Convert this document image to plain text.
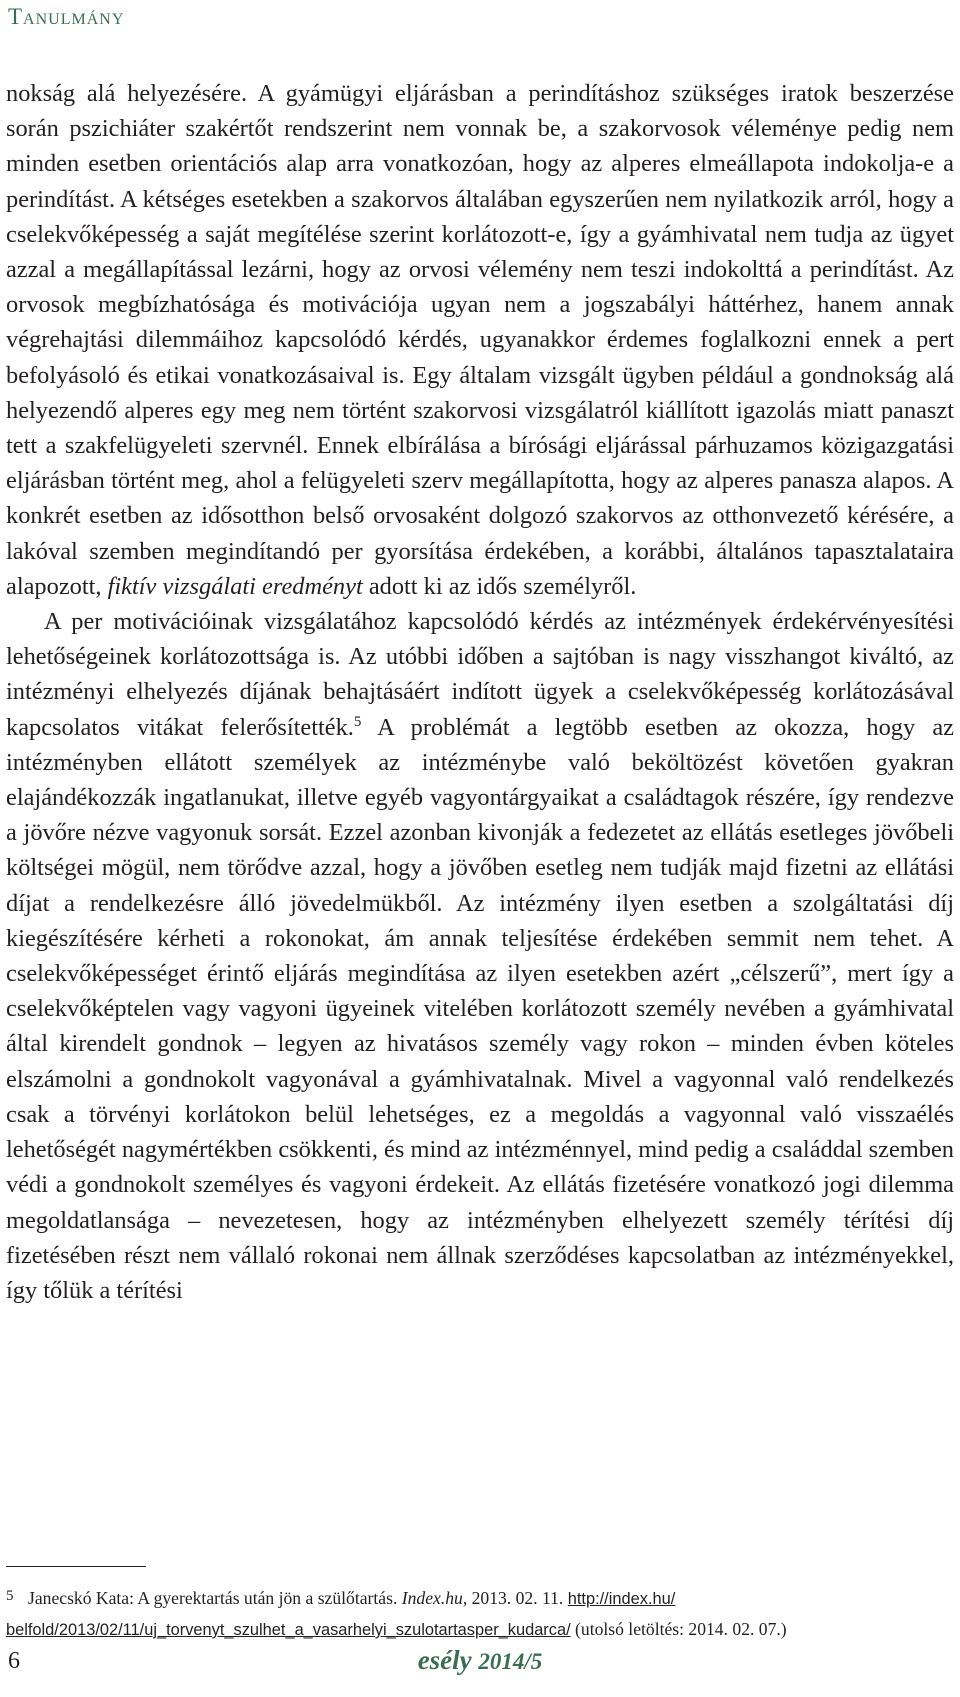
Tanulmány

nokság alá helyezésére. A gyámügyi eljárásban a perindításhoz szükséges iratok beszerzése során pszichiáter szakértőt rendszerint nem vonnak be, a szakorvosok véleménye pedig nem minden esetben orientációs alap arra vonatkozóan, hogy az alperes elmeállapota indokolja-e a perindítást. A kétséges esetekben a szakorvos általában egyszerűen nem nyilatkozik arról, hogy a cselekvőképesség a saját megítélése szerint korlátozott-e, így a gyámhivatal nem tudja az ügyet azzal a megállapítással lezárni, hogy az orvosi vélemény nem teszi indokolttá a perindítást. Az orvosok megbízhatósága és motivációja ugyan nem a jogszabályi háttérhez, hanem annak végrehajtási dilemmáihoz kapcsolódó kérdés, ugyanakkor érdemes foglalkozni ennek a pert befolyásoló és etikai vonatkozásaival is. Egy általam vizsgált ügyben például a gondnokság alá helyezendő alperes egy meg nem történt szakorvosi vizsgálatról kiállított igazolás miatt panaszt tett a szakfelügyeleti szervnél. Ennek elbírálása a bírósági eljárással párhuzamos közigazgatási eljárásban történt meg, ahol a felügyeleti szerv megállapította, hogy az alperes panasza alapos. A konkrét esetben az idősotthon belső orvosaként dolgozó szakorvos az otthonvezető kérésére, a lakóval szemben megindítandó per gyorsítása érdekében, a korábbi, általános tapasztalataira alapozott, fiktív vizsgálati eredményt adott ki az idős személyről.

A per motivációinak vizsgálatához kapcsolódó kérdés az intézmények érdekérvényesítési lehetőségeinek korlátozottsága is. Az utóbbi időben a sajtóban is nagy visszhangot kiváltó, az intézményi elhelyezés díjának behajtásáért indított ügyek a cselekvőképesség korlátozásával kapcsolatos vitákat felerősítették.$^5$ A problémát a legtöbb esetben az okozza, hogy az intézményben ellátott személyek az intézménybe való beköltözést követően gyakran elajándékozzák ingatlanukat, illetve egyéb vagyontárgyaikat a családtagok részére, így rendezve a jövőre nézve vagyonuk sorsát. Ezzel azonban kivonják a fedezetet az ellátás esetleges jövőbeli költségei mögül, nem törődve azzal, hogy a jövőben esetleg nem tudják majd fizetni az ellátási díjat a rendelkezésre álló jövedelmükből. Az intézmény ilyen esetben a szolgáltatási díj kiegészítésére kérheti a rokonokat, ám annak teljesítése érdekében semmit nem tehet. A cselekvőképességet érintő eljárás megindítása az ilyen esetekben azért „célszerű”, mert így a cselekvőképtelen vagy vagyoni ügyeinek vitelében korlátozott személy nevében a gyámhivatal által kirendelt gondnok – legyen az hivatásos személy vagy rokon – minden évben köteles elszámolni a gondnokolt vagyonával a gyámhivatalnak. Mivel a vagyonnal való rendelkezés csak a törvényi korlátokon belül lehetséges, ez a megoldás a vagyonnal való visszaélés lehetőségét nagymértékben csökkenti, és mind az intézménnyel, mind pedig a családdal szemben védi a gondnokolt személyes és vagyoni érdekeit. Az ellátás fizetésére vonatkozó jogi dilemma megoldatlansága – nevezetesen, hogy az intézményben elhelyezett személy térítési díj fizetésében részt nem vállaló rokonai nem állnak szerződéses kapcsolatban az intézményekkel, így tőlük a térítési

5 Janecskó Kata: A gyerektartás után jön a szülőtartás. Index.hu, 2013. 02. 11. http://index.hu/
belfold/2013/02/11/uj_torvenyt_szulhet_a_vasarhelyi_szulotartasper_kudarca/ (utolsó letöltés: 2014. 02. 07.)
6	esély 2014/5
